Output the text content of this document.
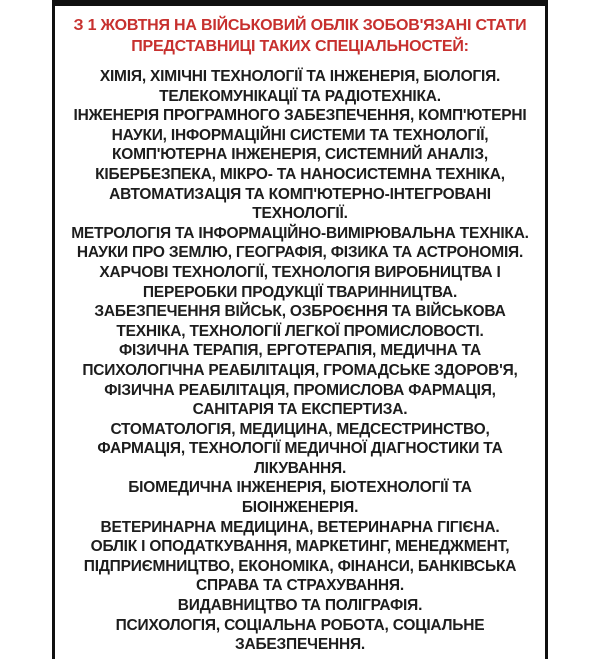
З 1 ЖОВТНЯ НА ВІЙСЬКОВИЙ ОБЛІК ЗОБОВ'ЯЗАНІ СТАТИ
ПРЕДСТАВНИЦІ ТАКИХ СПЕЦІАЛЬНОСТЕЙ:
ХІМІЯ, ХІМІЧНІ ТЕХНОЛОГІЇ ТА ІНЖЕНЕРІЯ, БІОЛОГІЯ.
ТЕЛЕКОМУНІКАЦІЇ ТА РАДІОТЕХНІКА.
ІНЖЕНЕРІЯ ПРОГРАМНОГО ЗАБЕЗПЕЧЕННЯ, КОМП'ЮТЕРНІ
НАУКИ, ІНФОРМАЦІЙНІ СИСТЕМИ ТА ТЕХНОЛОГІЇ,
КОМП'ЮТЕРНА ІНЖЕНЕРІЯ, СИСТЕМНИЙ АНАЛІЗ,
КІБЕРБЕЗПЕКА, МІКРО- ТА НАНОСИСТЕМНА ТЕХНІКА,
АВТОМАТИЗАЦІЯ ТА КОМП'ЮТЕРНО-ІНТЕГРОВАНІ
ТЕХНОЛОГІЇ.
МЕТРОЛОГІЯ ТА ІНФОРМАЦІЙНО-ВИМІРЮВАЛЬНА ТЕХНІКА.
НАУКИ ПРО ЗЕМЛЮ, ГЕОГРАФІЯ, ФІЗИКА ТА АСТРОНОМІЯ.
ХАРЧОВІ ТЕХНОЛОГІЇ, ТЕХНОЛОГІЯ ВИРОБНИЦТВА І
ПЕРЕРОБКИ ПРОДУКЦІЇ ТВАРИННИЦТВА.
ЗАБЕЗПЕЧЕННЯ ВІЙСЬК, ОЗБРОЄННЯ ТА ВІЙСЬКОВА
ТЕХНІКА, ТЕХНОЛОГІЇ ЛЕГКОЇ ПРОМИСЛОВОСТІ.
ФІЗИЧНА ТЕРАПІЯ, ЕРГОТЕРАПІЯ, МЕДИЧНА ТА
ПСИХОЛОГІЧНА РЕАБІЛІТАЦІЯ, ГРОМАДСЬКЕ ЗДОРОВ'Я,
ФІЗИЧНА РЕАБІЛІТАЦІЯ, ПРОМИСЛОВА ФАРМАЦІЯ,
САНІТАРІЯ ТА ЕКСПЕРТИЗА.
СТОМАТОЛОГІЯ, МЕДИЦИНА, МЕДСЕСТРИНСТВО,
ФАРМАЦІЯ, ТЕХНОЛОГІЇ МЕДИЧНОЇ ДІАГНОСТИКИ ТА
ЛІКУВАННЯ.
БІОМЕДИЧНА ІНЖЕНЕРІЯ, БІОТЕХНОЛОГІЇ ТА
БІОІНЖЕНЕРІЯ.
ВЕТЕРИНАРНА МЕДИЦИНА, ВЕТЕРИНАРНА ГІГІЄНА.
ОБЛІК І ОПОДАТКУВАННЯ, МАРКЕТИНГ, МЕНЕДЖМЕНТ,
ПІДПРИЄМНИЦТВО, ЕКОНОМІКА, ФІНАНСИ, БАНКІВСЬКА
СПРАВА ТА СТРАХУВАННЯ.
ВИДАВНИЦТВО ТА ПОЛІГРАФІЯ.
ПСИХОЛОГІЯ, СОЦІАЛЬНА РОБОТА, СОЦІАЛЬНЕ
ЗАБЕЗПЕЧЕННЯ.
